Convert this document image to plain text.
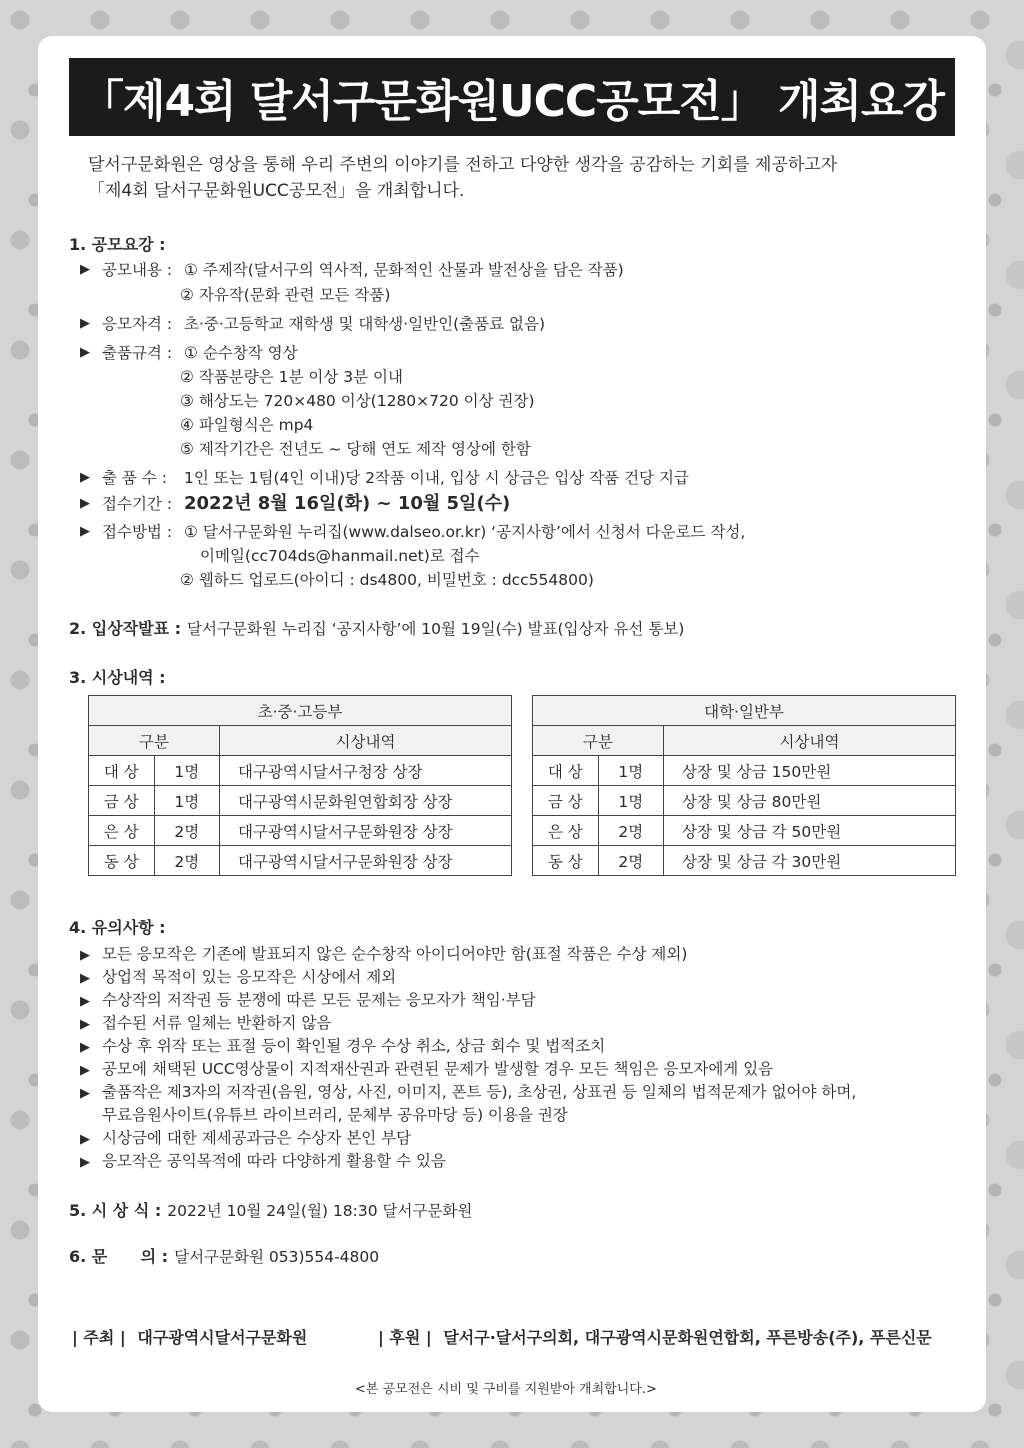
「제4회 달서구문화원UCC공모전」 개최요강
달서구문화원은 영상을 통해 우리 주변의 이야기를 전하고 다양한 생각을 공감하는 기회를 제공하고자
「제4회 달서구문화원UCC공모전」을 개최합니다.
1. 공모요강 :
▶ 공모내용 : ① 주제작(달서구의 역사적, 문화적인 산물과 발전상을 담은 작품)
② 자유작(문화 관련 모든 작품)
▶ 응모자격 : 초·중·고등학교 재학생 및 대학생·일반인(출품료 없음)
▶ 출품규격 : ① 순수창작 영상
② 작품분량은 1분 이상 3분 이내
③ 해상도는 720×480 이상(1280×720 이상 권장)
④ 파일형식은 mp4
⑤ 제작기간은 전년도 ~ 당해 연도 제작 영상에 한함
▶ 출 품 수 :	1인 또는 1팀(4인 이내)당 2작품 이내, 입상 시 상금은 입상 작품 건당 지급
▶ 접수기간 : 2022년 8월 16일(화) ~ 10월 5일(수)
▶ 접수방법 : ① 달서구문화원 누리집(www.dalseo.or.kr) ‘공지사항’에서 신청서 다운로드 작성,
이메일(cc704ds@hanmail.net)로 접수
② 웹하드 업로드(아이디 : ds4800, 비밀번호 : dcc554800)
2. 입상작발표 : 달서구문화원 누리집 ‘공지사항’에 10월 19일(수) 발표(입상자 유선 통보)
3. 시상내역 :
초·중·고등부		
구분		시상내역
대 상	1명	대구광역시달서구청장 상장
금 상	1명	대구광역시문화원연합회장 상장
은 상	2명	대구광역시달서구문화원장 상장
동 상	2명	대구광역시달서구문화원장 상장
대학·일반부		
구분		시상내역
대 상	1명	상장 및 상금 150만원
금 상	1명	상장 및 상금 80만원
은 상	2명	상장 및 상금 각 50만원
동 상	2명	상장 및 상금 각 30만원
4. 유의사항 :
▶ 모든 응모작은 기존에 발표되지 않은 순수창작 아이디어야만 함(표절 작품은 수상 제외)
▶ 상업적 목적이 있는 응모작은 시상에서 제외
▶ 수상작의 저작권 등 분쟁에 따른 모든 문제는 응모자가 책임·부담
▶ 접수된 서류 일체는 반환하지 않음
▶ 수상 후 위작 또는 표절 등이 확인될 경우 수상 취소, 상금 회수 및 법적조치
▶ 공모에 채택된 UCC영상물이 지적재산권과 관련된 문제가 발생할 경우 모든 책임은 응모자에게 있음
▶ 출품작은 제3자의 저작권(음원, 영상, 사진, 이미지, 폰트 등), 초상권, 상표권 등 일체의 법적문제가 없어야 하며,
무료음원사이트(유튜브 라이브러리, 문체부 공유마당 등) 이용을 권장
▶ 시상금에 대한 제세공과금은 수상자 본인 부담
▶ 응모작은 공익목적에 따라 다양하게 활용할 수 있음
5. 시 상 식 : 2022년 10월 24일(월) 18:30 달서구문화원
6. 문      의 : 달서구문화원 053)554-4800
| 주최 | 대구광역시달서구문화원	| 후원 | 달서구·달서구의회, 대구광역시문화원연합회, 푸른방송(주), 푸른신문
<본 공모전은 시비 및 구비를 지원받아 개최합니다.>
